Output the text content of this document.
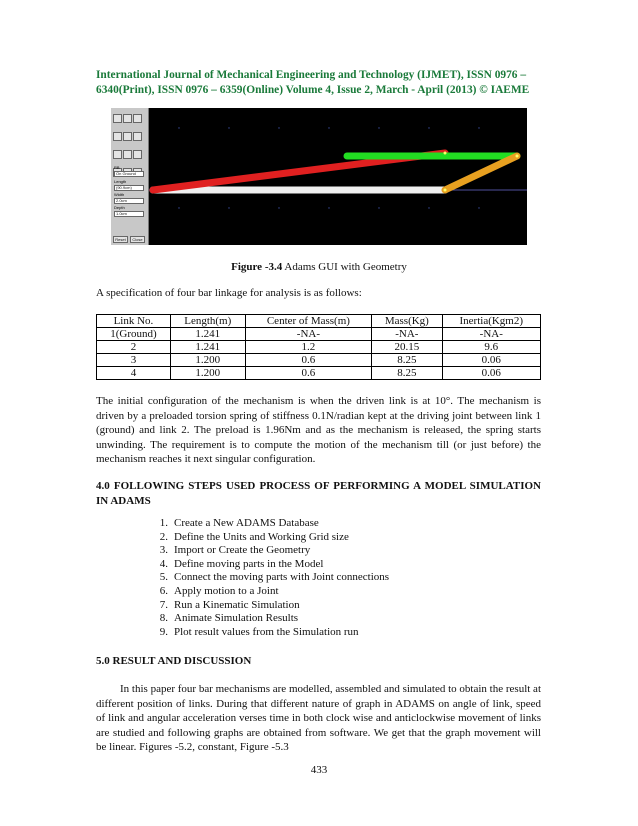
International Journal of Mechanical Engineering and Technology (IJMET), ISSN 0976 – 6340(Print), ISSN 0976 – 6359(Online) Volume 4, Issue 2, March - April (2013) © IAEME

RB
On Ground
Length
(90.9cm)
Width
2.0cm
Depth
1.0cm
Reset	Close
Figure -3.4 Adams GUI with Geometry

A specification of four bar linkage for analysis is as follows:

Link No.	Length(m)	Center of Mass(m)	Mass(Kg)	Inertia(Kgm2)
1(Ground)	1.241	-NA-	-NA-	-NA-
2	1.241	1.2	20.15	9.6
3	1.200	0.6	8.25	0.06
4	1.200	0.6	8.25	0.06

The initial configuration of the mechanism is when the driven link is at 10°. The mechanism is driven by a preloaded torsion spring of stiffness 0.1N/radian kept at the driving joint between link 1 (ground) and link 2. The preload is 1.96Nm and as the mechanism is released, the spring starts unwinding. The requirement is to compute the motion of the mechanism till (or just before) the mechanism reaches it next singular configuration.

4.0 FOLLOWING STEPS USED PROCESS OF PERFORMING A MODEL SIMULATION IN ADAMS
1. Create a New ADAMS Database
2. Define the Units and Working Grid size
3. Import or Create the Geometry
4. Define moving parts in the Model
5. Connect the moving parts with Joint connections
6. Apply motion to a Joint
7. Run a Kinematic Simulation
8. Animate Simulation Results
9. Plot result values from the Simulation run
5.0 RESULT AND DISCUSSION

In this paper four bar mechanisms are modelled, assembled and simulated to obtain the result at different position of links. During that different nature of graph in ADAMS on angle of link, speed of link and angular acceleration verses time in both clock wise and anticlockwise movement of links are studied and following graphs are obtained from software. We get that the graph movement will be linear. Figures -5.2, constant, Figure -5.3

433
